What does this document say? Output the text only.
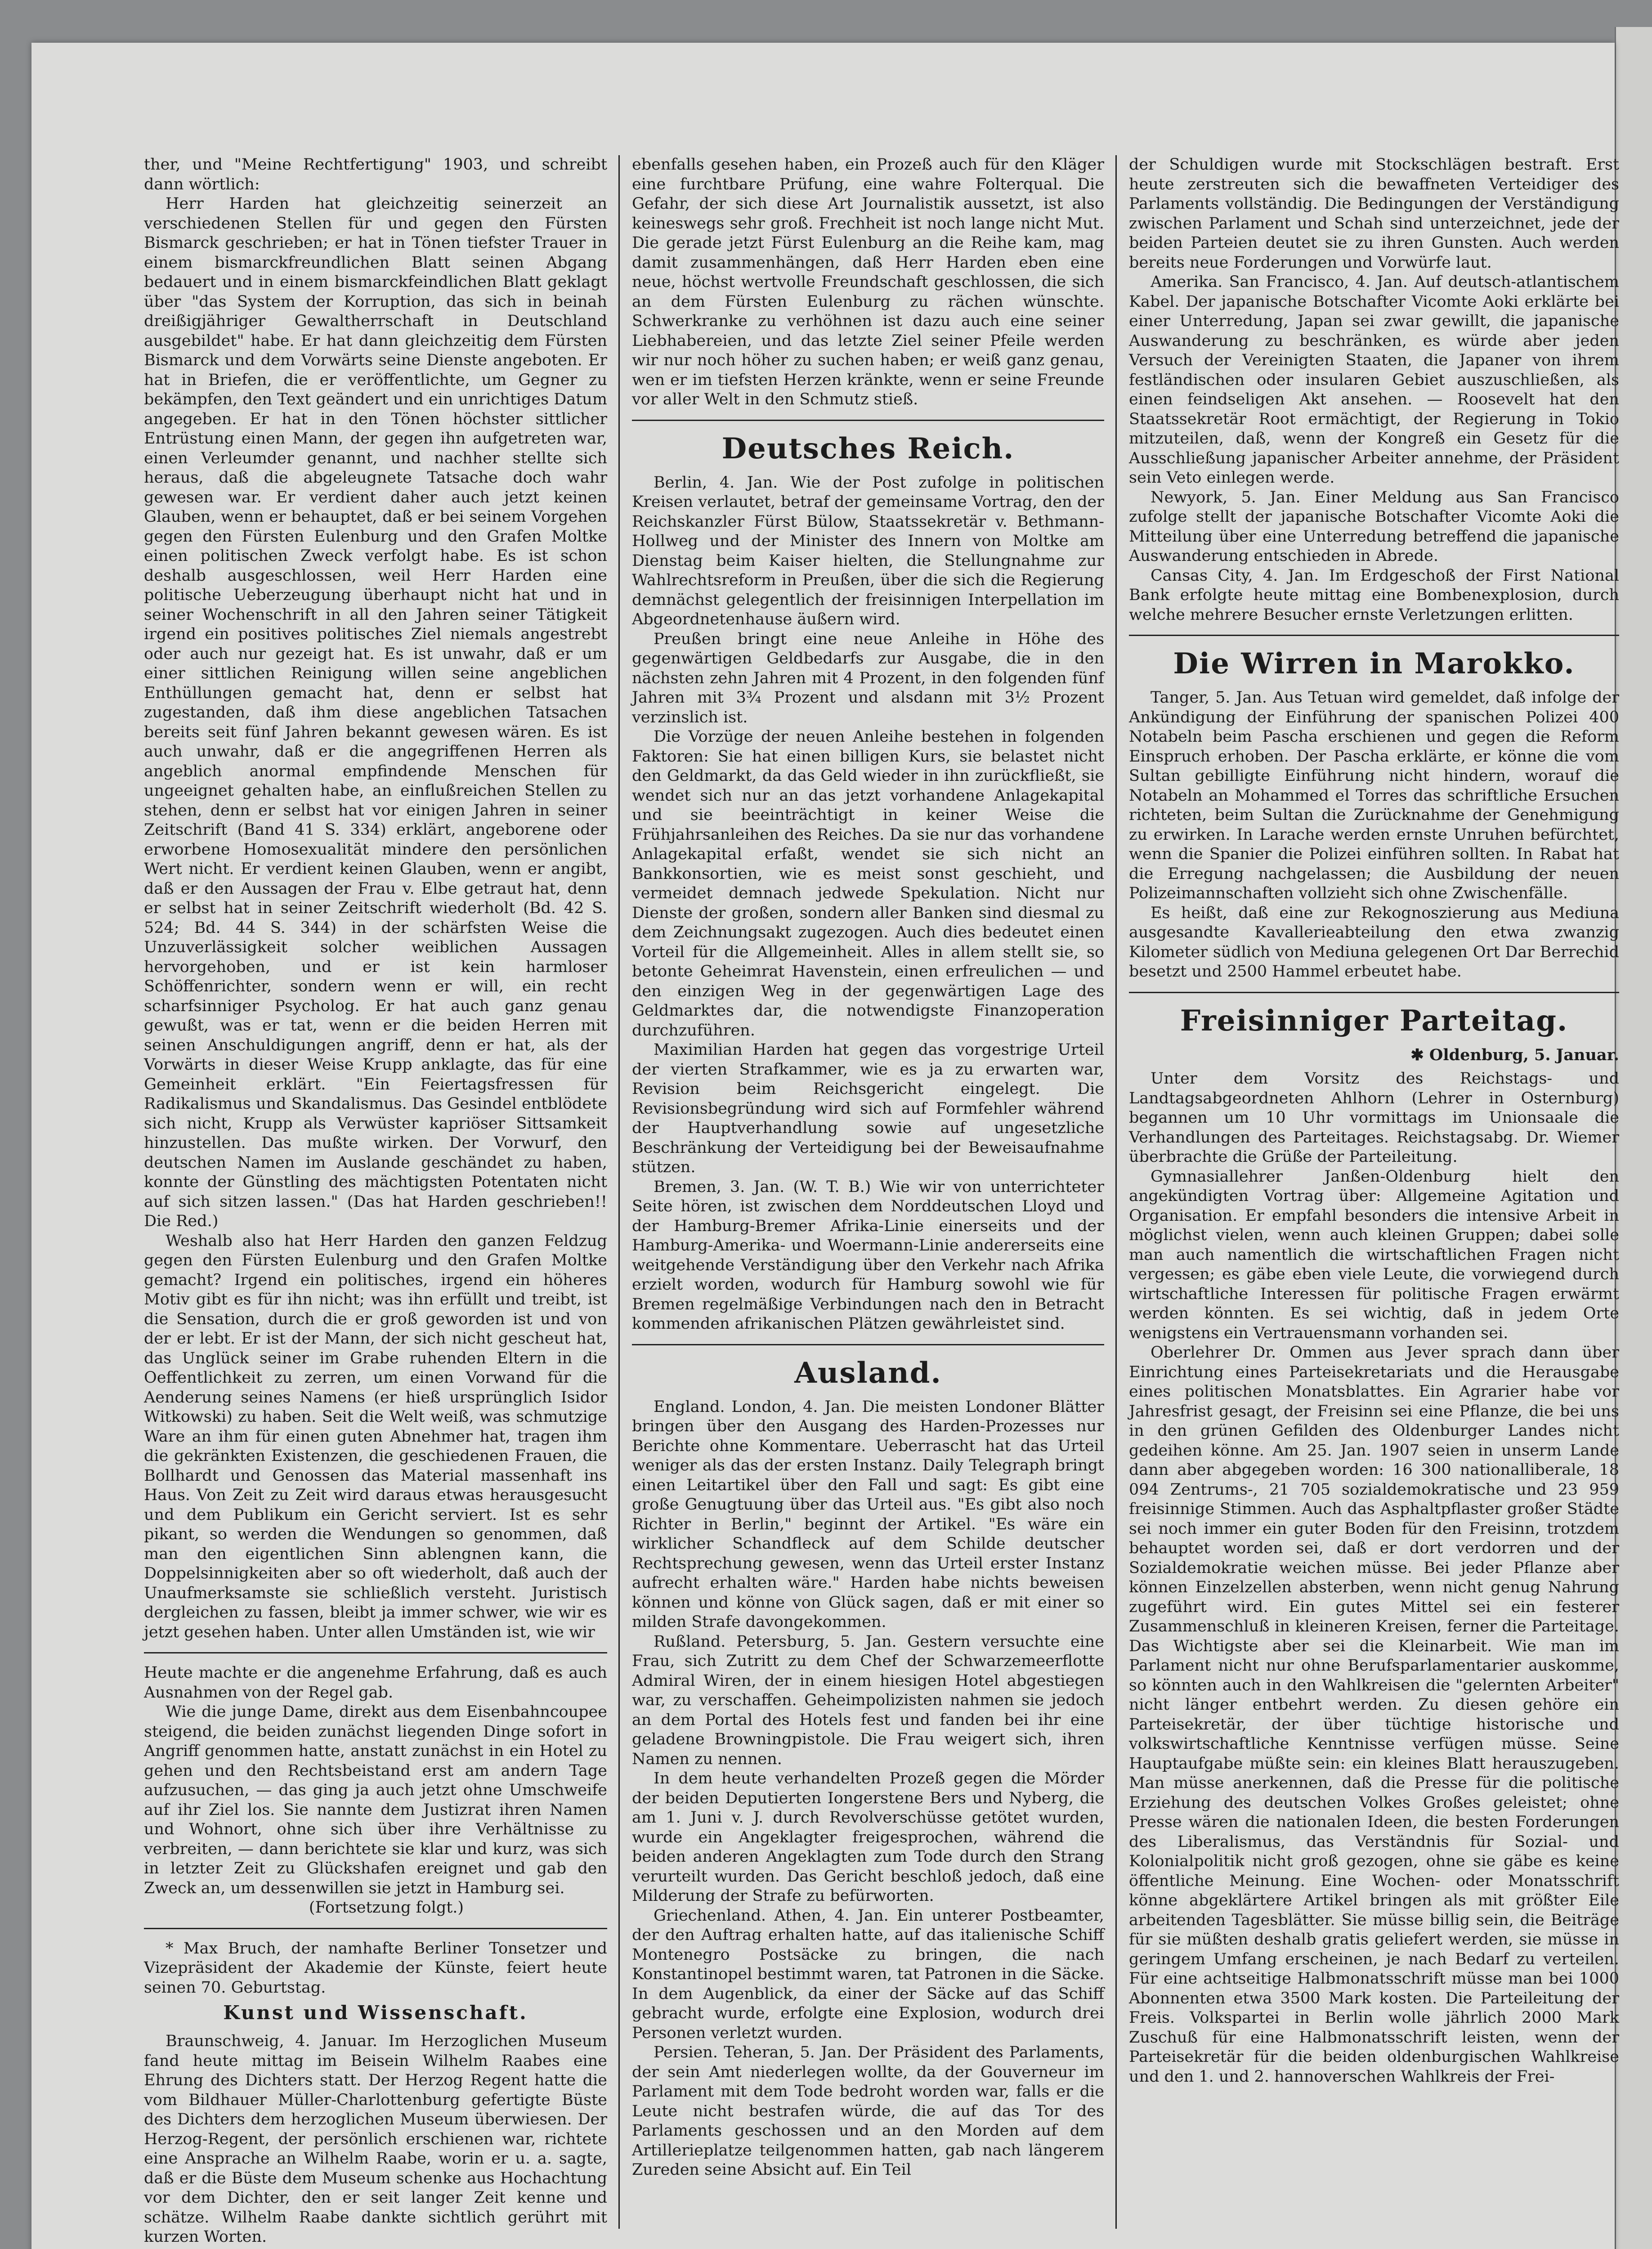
ther, und "Meine Rechtfertigung" 1903, und schreibt dann wörtlich:

Herr Harden hat gleichzeitig seinerzeit an verschiedenen Stellen für und gegen den Fürsten Bismarck geschrieben; er hat in Tönen tiefster Trauer in einem bismarckfreundlichen Blatt seinen Abgang bedauert und in einem bismarckfeindlichen Blatt geklagt über "das System der Korruption, das sich in beinah dreißigjähriger Gewaltherrschaft in Deutschland ausgebildet" habe. Er hat dann gleichzeitig dem Fürsten Bismarck und dem Vorwärts seine Dienste angeboten. Er hat in Briefen, die er veröffentlichte, um Gegner zu bekämpfen, den Text geändert und ein unrichtiges Datum angegeben. Er hat in den Tönen höchster sittlicher Entrüstung einen Mann, der gegen ihn aufgetreten war, einen Verleumder genannt, und nachher stellte sich heraus, daß die abgeleugnete Tatsache doch wahr gewesen war. Er verdient daher auch jetzt keinen Glauben, wenn er behauptet, daß er bei seinem Vorgehen gegen den Fürsten Eulenburg und den Grafen Moltke einen politischen Zweck verfolgt habe. Es ist schon deshalb ausgeschlossen, weil Herr Harden eine politische Ueberzeugung überhaupt nicht hat und in seiner Wochenschrift in all den Jahren seiner Tätigkeit irgend ein positives politisches Ziel niemals angestrebt oder auch nur gezeigt hat. Es ist unwahr, daß er um einer sittlichen Reinigung willen seine angeblichen Enthüllungen gemacht hat, denn er selbst hat zugestanden, daß ihm diese angeblichen Tatsachen bereits seit fünf Jahren bekannt gewesen wären. Es ist auch unwahr, daß er die angegriffenen Herren als angeblich anormal empfindende Menschen für ungeeignet gehalten habe, an einflußreichen Stellen zu stehen, denn er selbst hat vor einigen Jahren in seiner Zeitschrift (Band 41 S. 334) erklärt, angeborene oder erworbene Homosexualität mindere den persönlichen Wert nicht. Er verdient keinen Glauben, wenn er angibt, daß er den Aussagen der Frau v. Elbe getraut hat, denn er selbst hat in seiner Zeitschrift wiederholt (Bd. 42 S. 524; Bd. 44 S. 344) in der schärfsten Weise die Unzuverlässigkeit solcher weiblichen Aussagen hervorgehoben, und er ist kein harmloser Schöffenrichter, sondern wenn er will, ein recht scharfsinniger Psycholog. Er hat auch ganz genau gewußt, was er tat, wenn er die beiden Herren mit seinen Anschuldigungen angriff, denn er hat, als der Vorwärts in dieser Weise Krupp anklagte, das für eine Gemeinheit erklärt. "Ein Feiertagsfressen für Radikalismus und Skandalismus. Das Gesindel entblödete sich nicht, Krupp als Verwüster kapriöser Sittsamkeit hinzustellen. Das mußte wirken. Der Vorwurf, den deutschen Namen im Auslande geschändet zu haben, konnte der Günstling des mächtigsten Potentaten nicht auf sich sitzen lassen." (Das hat Harden geschrieben!! Die Red.)

Weshalb also hat Herr Harden den ganzen Feldzug gegen den Fürsten Eulenburg und den Grafen Moltke gemacht? Irgend ein politisches, irgend ein höheres Motiv gibt es für ihn nicht; was ihn erfüllt und treibt, ist die Sensation, durch die er groß geworden ist und von der er lebt. Er ist der Mann, der sich nicht gescheut hat, das Unglück seiner im Grabe ruhenden Eltern in die Oeffentlichkeit zu zerren, um einen Vorwand für die Aenderung seines Namens (er hieß ursprünglich Isidor Witkowski) zu haben. Seit die Welt weiß, was schmutzige Ware an ihm für einen guten Abnehmer hat, tragen ihm die gekränkten Existenzen, die geschiedenen Frauen, die Bollhardt und Genossen das Material massenhaft ins Haus. Von Zeit zu Zeit wird daraus etwas herausgesucht und dem Publikum ein Gericht serviert. Ist es sehr pikant, so werden die Wendungen so genommen, daß man den eigentlichen Sinn ablengnen kann, die Doppelsinnigkeiten aber so oft wiederholt, daß auch der Unaufmerksamste sie schließlich versteht. Juristisch dergleichen zu fassen, bleibt ja immer schwer, wie wir es jetzt gesehen haben. Unter allen Umständen ist, wie wir

Heute machte er die angenehme Erfahrung, daß es auch Ausnahmen von der Regel gab.

Wie die junge Dame, direkt aus dem Eisenbahncoupee steigend, die beiden zunächst liegenden Dinge sofort in Angriff genommen hatte, anstatt zunächst in ein Hotel zu gehen und den Rechtsbeistand erst am andern Tage aufzusuchen, — das ging ja auch jetzt ohne Umschweife auf ihr Ziel los. Sie nannte dem Justizrat ihren Namen und Wohnort, ohne sich über ihre Verhältnisse zu verbreiten, — dann berichtete sie klar und kurz, was sich in letzter Zeit zu Glückshafen ereignet und gab den Zweck an, um dessenwillen sie jetzt in Hamburg sei.

(Fortsetzung folgt.)

* Max Bruch, der namhafte Berliner Tonsetzer und Vizepräsident der Akademie der Künste, feiert heute seinen 70. Geburtstag.

Kunst und Wissenschaft.

Braunschweig, 4. Januar. Im Herzoglichen Museum fand heute mittag im Beisein Wilhelm Raabes eine Ehrung des Dichters statt. Der Herzog Regent hatte die vom Bildhauer Müller-Charlottenburg gefertigte Büste des Dichters dem herzoglichen Museum überwiesen. Der Herzog-Regent, der persönlich erschienen war, richtete eine Ansprache an Wilhelm Raabe, worin er u. a. sagte, daß er die Büste dem Museum schenke aus Hochachtung vor dem Dichter, den er seit langer Zeit kenne und schätze. Wilhelm Raabe dankte sichtlich gerührt mit kurzen Worten.

ebenfalls gesehen haben, ein Prozeß auch für den Kläger eine furchtbare Prüfung, eine wahre Folterqual. Die Gefahr, der sich diese Art Journalistik aussetzt, ist also keineswegs sehr groß. Frechheit ist noch lange nicht Mut. Die gerade jetzt Fürst Eulenburg an die Reihe kam, mag damit zusammenhängen, daß Herr Harden eben eine neue, höchst wertvolle Freundschaft geschlossen, die sich an dem Fürsten Eulenburg zu rächen wünschte. Schwerkranke zu verhöhnen ist dazu auch eine seiner Liebhabereien, und das letzte Ziel seiner Pfeile werden wir nur noch höher zu suchen haben; er weiß ganz genau, wen er im tiefsten Herzen kränkte, wenn er seine Freunde vor aller Welt in den Schmutz stieß.

Deutsches Reich.

Berlin, 4. Jan. Wie der Post zufolge in politischen Kreisen verlautet, betraf der gemeinsame Vortrag, den der Reichskanzler Fürst Bülow, Staatssekretär v. Bethmann-Hollweg und der Minister des Innern von Moltke am Dienstag beim Kaiser hielten, die Stellungnahme zur Wahlrechtsreform in Preußen, über die sich die Regierung demnächst gelegentlich der freisinnigen Interpellation im Abgeordnetenhause äußern wird.

Preußen bringt eine neue Anleihe in Höhe des gegenwärtigen Geldbedarfs zur Ausgabe, die in den nächsten zehn Jahren mit 4 Prozent, in den folgenden fünf Jahren mit 3¾ Prozent und alsdann mit 3½ Prozent verzinslich ist.

Die Vorzüge der neuen Anleihe bestehen in folgenden Faktoren: Sie hat einen billigen Kurs, sie belastet nicht den Geldmarkt, da das Geld wieder in ihn zurückfließt, sie wendet sich nur an das jetzt vorhandene Anlagekapital und sie beeinträchtigt in keiner Weise die Frühjahrsanleihen des Reiches. Da sie nur das vorhandene Anlagekapital erfaßt, wendet sie sich nicht an Bankkonsortien, wie es meist sonst geschieht, und vermeidet demnach jedwede Spekulation. Nicht nur Dienste der großen, sondern aller Banken sind diesmal zu dem Zeichnungsakt zugezogen. Auch dies bedeutet einen Vorteil für die Allgemeinheit. Alles in allem stellt sie, so betonte Geheimrat Havenstein, einen erfreulichen — und den einzigen Weg in der gegenwärtigen Lage des Geldmarktes dar, die notwendigste Finanzoperation durchzuführen.

Maximilian Harden hat gegen das vorgestrige Urteil der vierten Strafkammer, wie es ja zu erwarten war, Revision beim Reichsgericht eingelegt. Die Revisionsbegründung wird sich auf Formfehler während der Hauptverhandlung sowie auf ungesetzliche Beschränkung der Verteidigung bei der Beweisaufnahme stützen.

Bremen, 3. Jan. (W. T. B.) Wie wir von unterrichteter Seite hören, ist zwischen dem Norddeutschen Lloyd und der Hamburg-Bremer Afrika-Linie einerseits und der Hamburg-Amerika- und Woermann-Linie andererseits eine weitgehende Verständigung über den Verkehr nach Afrika erzielt worden, wodurch für Hamburg sowohl wie für Bremen regelmäßige Verbindungen nach den in Betracht kommenden afrikanischen Plätzen gewährleistet sind.

Ausland.

England. London, 4. Jan. Die meisten Londoner Blätter bringen über den Ausgang des Harden-Prozesses nur Berichte ohne Kommentare. Ueberrascht hat das Urteil weniger als das der ersten Instanz. Daily Telegraph bringt einen Leitartikel über den Fall und sagt: Es gibt eine große Genugtuung über das Urteil aus. "Es gibt also noch Richter in Berlin," beginnt der Artikel. "Es wäre ein wirklicher Schandfleck auf dem Schilde deutscher Rechtsprechung gewesen, wenn das Urteil erster Instanz aufrecht erhalten wäre." Harden habe nichts beweisen können und könne von Glück sagen, daß er mit einer so milden Strafe davongekommen.

Rußland. Petersburg, 5. Jan. Gestern versuchte eine Frau, sich Zutritt zu dem Chef der Schwarzemeerflotte Admiral Wiren, der in einem hiesigen Hotel abgestiegen war, zu verschaffen. Geheimpolizisten nahmen sie jedoch an dem Portal des Hotels fest und fanden bei ihr eine geladene Browningpistole. Die Frau weigert sich, ihren Namen zu nennen.

In dem heute verhandelten Prozeß gegen die Mörder der beiden Deputierten Iongerstene Bers und Nyberg, die am 1. Juni v. J. durch Revolverschüsse getötet wurden, wurde ein Angeklagter freigesprochen, während die beiden anderen Angeklagten zum Tode durch den Strang verurteilt wurden. Das Gericht beschloß jedoch, daß eine Milderung der Strafe zu befürworten.

Griechenland. Athen, 4. Jan. Ein unterer Postbeamter, der den Auftrag erhalten hatte, auf das italienische Schiff Montenegro Postsäcke zu bringen, die nach Konstantinopel bestimmt waren, tat Patronen in die Säcke. In dem Augenblick, da einer der Säcke auf das Schiff gebracht wurde, erfolgte eine Explosion, wodurch drei Personen verletzt wurden.

Persien. Teheran, 5. Jan. Der Präsident des Parlaments, der sein Amt niederlegen wollte, da der Gouverneur im Parlament mit dem Tode bedroht worden war, falls er die Leute nicht bestrafen würde, die auf das Tor des Parlaments geschossen und an den Morden auf dem Artillerieplatze teilgenommen hatten, gab nach längerem Zureden seine Absicht auf. Ein Teil

der Schuldigen wurde mit Stockschlägen bestraft. Erst heute zerstreuten sich die bewaffneten Verteidiger des Parlaments vollständig. Die Bedingungen der Verständigung zwischen Parlament und Schah sind unterzeichnet, jede der beiden Parteien deutet sie zu ihren Gunsten. Auch werden bereits neue Forderungen und Vorwürfe laut.

Amerika. San Francisco, 4. Jan. Auf deutsch-atlantischem Kabel. Der japanische Botschafter Vicomte Aoki erklärte bei einer Unterredung, Japan sei zwar gewillt, die japanische Auswanderung zu beschränken, es würde aber jeden Versuch der Vereinigten Staaten, die Japaner von ihrem festländischen oder insularen Gebiet auszuschließen, als einen feindseligen Akt ansehen. — Roosevelt hat den Staatssekretär Root ermächtigt, der Regierung in Tokio mitzuteilen, daß, wenn der Kongreß ein Gesetz für die Ausschließung japanischer Arbeiter annehme, der Präsident sein Veto einlegen werde.

Newyork, 5. Jan. Einer Meldung aus San Francisco zufolge stellt der japanische Botschafter Vicomte Aoki die Mitteilung über eine Unterredung betreffend die japanische Auswanderung entschieden in Abrede.

Cansas City, 4. Jan. Im Erdgeschoß der First National Bank erfolgte heute mittag eine Bombenexplosion, durch welche mehrere Besucher ernste Verletzungen erlitten.

Die Wirren in Marokko.

Tanger, 5. Jan. Aus Tetuan wird gemeldet, daß infolge der Ankündigung der Einführung der spanischen Polizei 400 Notabeln beim Pascha erschienen und gegen die Reform Einspruch erhoben. Der Pascha erklärte, er könne die vom Sultan gebilligte Einführung nicht hindern, worauf die Notabeln an Mohammed el Torres das schriftliche Ersuchen richteten, beim Sultan die Zurücknahme der Genehmigung zu erwirken. In Larache werden ernste Unruhen befürchtet, wenn die Spanier die Polizei einführen sollten. In Rabat hat die Erregung nachgelassen; die Ausbildung der neuen Polizeimannschaften vollzieht sich ohne Zwischenfälle.

Es heißt, daß eine zur Rekognoszierung aus Mediuna ausgesandte Kavallerieabteilung den etwa zwanzig Kilometer südlich von Mediuna gelegenen Ort Dar Berrechid besetzt und 2500 Hammel erbeutet habe.

Freisinniger Parteitag.
✱ Oldenburg, 5. Januar.

Unter dem Vorsitz des Reichstags- und Landtagsabgeordneten Ahlhorn (Lehrer in Osternburg) begannen um 10 Uhr vormittags im Unionsaale die Verhandlungen des Parteitages. Reichstagsabg. Dr. Wiemer überbrachte die Grüße der Parteileitung.

Gymnasiallehrer Janßen-Oldenburg hielt den angekündigten Vortrag über: Allgemeine Agitation und Organisation. Er empfahl besonders die intensive Arbeit in möglichst vielen, wenn auch kleinen Gruppen; dabei solle man auch namentlich die wirtschaftlichen Fragen nicht vergessen; es gäbe eben viele Leute, die vorwiegend durch wirtschaftliche Interessen für politische Fragen erwärmt werden könnten. Es sei wichtig, daß in jedem Orte wenigstens ein Vertrauensmann vorhanden sei.

Oberlehrer Dr. Ommen aus Jever sprach dann über Einrichtung eines Parteisekretariats und die Herausgabe eines politischen Monatsblattes. Ein Agrarier habe vor Jahresfrist gesagt, der Freisinn sei eine Pflanze, die bei uns in den grünen Gefilden des Oldenburger Landes nicht gedeihen könne. Am 25. Jan. 1907 seien in unserm Lande dann aber abgegeben worden: 16 300 nationalliberale, 18 094 Zentrums-, 21 705 sozialdemokratische und 23 959 freisinnige Stimmen. Auch das Asphaltpflaster großer Städte sei noch immer ein guter Boden für den Freisinn, trotzdem behauptet worden sei, daß er dort verdorren und der Sozialdemokratie weichen müsse. Bei jeder Pflanze aber können Einzelzellen absterben, wenn nicht genug Nahrung zugeführt wird. Ein gutes Mittel sei ein festerer Zusammenschluß in kleineren Kreisen, ferner die Parteitage. Das Wichtigste aber sei die Kleinarbeit. Wie man im Parlament nicht nur ohne Berufsparlamentarier auskomme, so könnten auch in den Wahlkreisen die "gelernten Arbeiter" nicht länger entbehrt werden. Zu diesen gehöre ein Parteisekretär, der über tüchtige historische und volkswirtschaftliche Kenntnisse verfügen müsse. Seine Hauptaufgabe müßte sein: ein kleines Blatt herauszugeben. Man müsse anerkennen, daß die Presse für die politische Erziehung des deutschen Volkes Großes geleistet; ohne Presse wären die nationalen Ideen, die besten Forderungen des Liberalismus, das Verständnis für Sozial- und Kolonialpolitik nicht groß gezogen, ohne sie gäbe es keine öffentliche Meinung. Eine Wochen- oder Monatsschrift könne abgeklärtere Artikel bringen als mit größter Eile arbeitenden Tagesblätter. Sie müsse billig sein, die Beiträge für sie müßten deshalb gratis geliefert werden, sie müsse in geringem Umfang erscheinen, je nach Bedarf zu verteilen. Für eine achtseitige Halbmonatsschrift müsse man bei 1000 Abonnenten etwa 3500 Mark kosten. Die Parteileitung der Freis. Volkspartei in Berlin wolle jährlich 2000 Mark Zuschuß für eine Halbmonatsschrift leisten, wenn der Parteisekretär für die beiden oldenburgischen Wahlkreise und den 1. und 2. hannoverschen Wahlkreis der Frei-
